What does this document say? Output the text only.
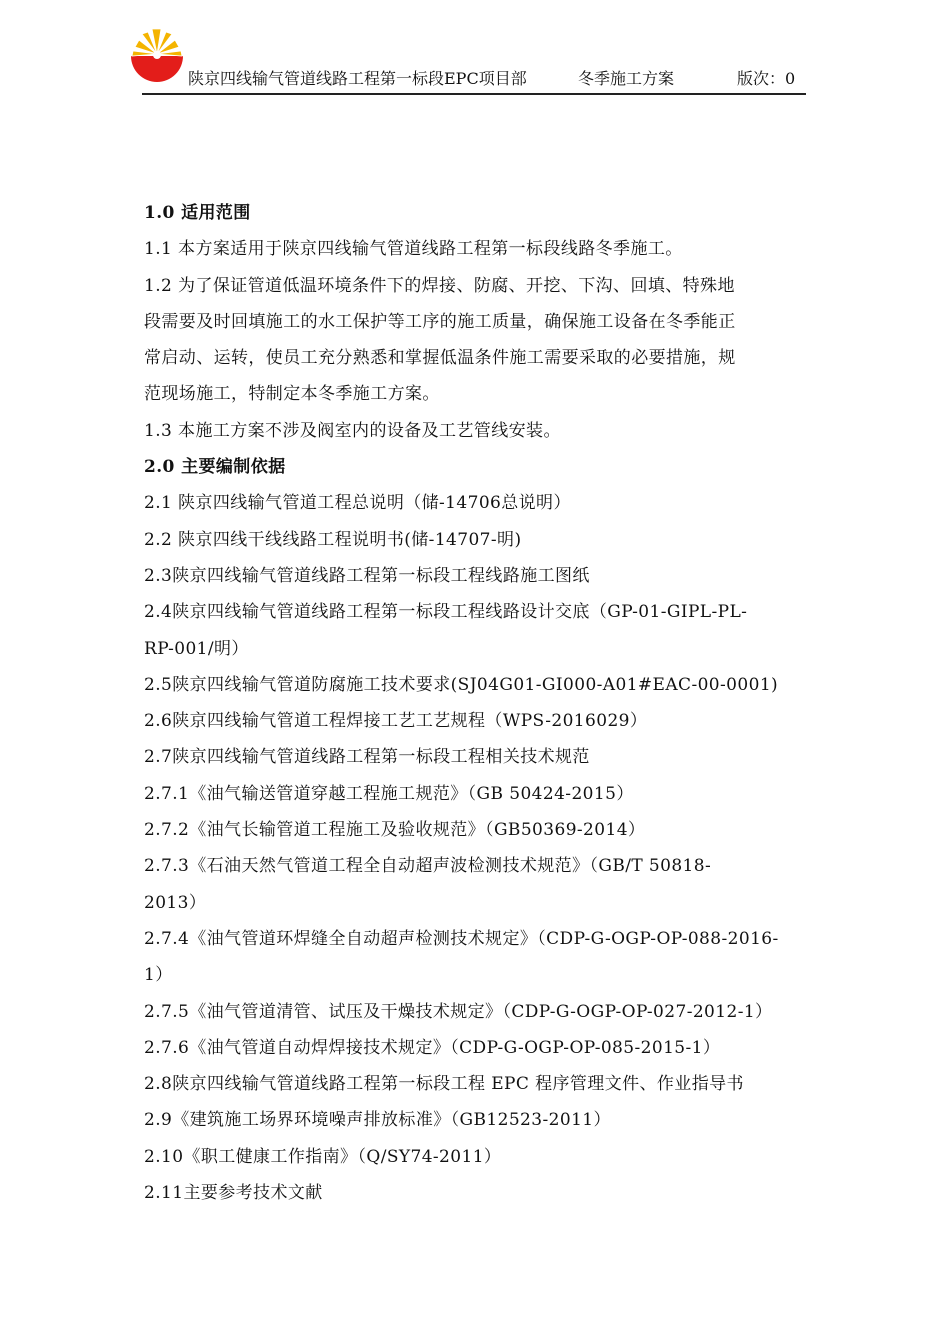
陕京四线输气管道线路工程第一标段EPC项目部	冬季施工方案	版次：0
1.0 适用范围
1.1 本方案适用于陕京四线输气管道线路工程第一标段线路冬季施工。
1.2 为了保证管道低温环境条件下的焊接、防腐、开挖、下沟、回填、特殊地
段需要及时回填施工的水工保护等工序的施工质量，确保施工设备在冬季能正
常启动、运转，使员工充分熟悉和掌握低温条件施工需要采取的必要措施，规
范现场施工，特制定本冬季施工方案。
1.3 本施工方案不涉及阀室内的设备及工艺管线安装。
2.0 主要编制依据
2.1 陕京四线输气管道工程总说明（储-14706总说明）
2.2 陕京四线干线线路工程说明书(储-14707-明)
2.3陕京四线输气管道线路工程第一标段工程线路施工图纸
2.4陕京四线输气管道线路工程第一标段工程线路设计交底（GP-01-GIPL-PL-
RP-001/明）
2.5陕京四线输气管道防腐施工技术要求(SJ04G01-GI000-A01#EAC-00-0001)
2.6陕京四线输气管道工程焊接工艺工艺规程（WPS-2016029）
2.7陕京四线输气管道线路工程第一标段工程相关技术规范
2.7.1《油气输送管道穿越工程施工规范》（GB 50424-2015）
2.7.2《油气长输管道工程施工及验收规范》（GB50369-2014）
2.7.3《石油天然气管道工程全自动超声波检测技术规范》（GB/T 50818-
2013）
2.7.4《油气管道环焊缝全自动超声检测技术规定》（CDP-G-OGP-OP-088-2016-
1）
2.7.5《油气管道清管、试压及干燥技术规定》（CDP-G-OGP-OP-027-2012-1）
2.7.6《油气管道自动焊焊接技术规定》（CDP-G-OGP-OP-085-2015-1）
2.8陕京四线输气管道线路工程第一标段工程 EPC 程序管理文件、作业指导书
2.9《建筑施工场界环境噪声排放标准》（GB12523-2011）
2.10《职工健康工作指南》（Q/SY74-2011）
2.11主要参考技术文献
